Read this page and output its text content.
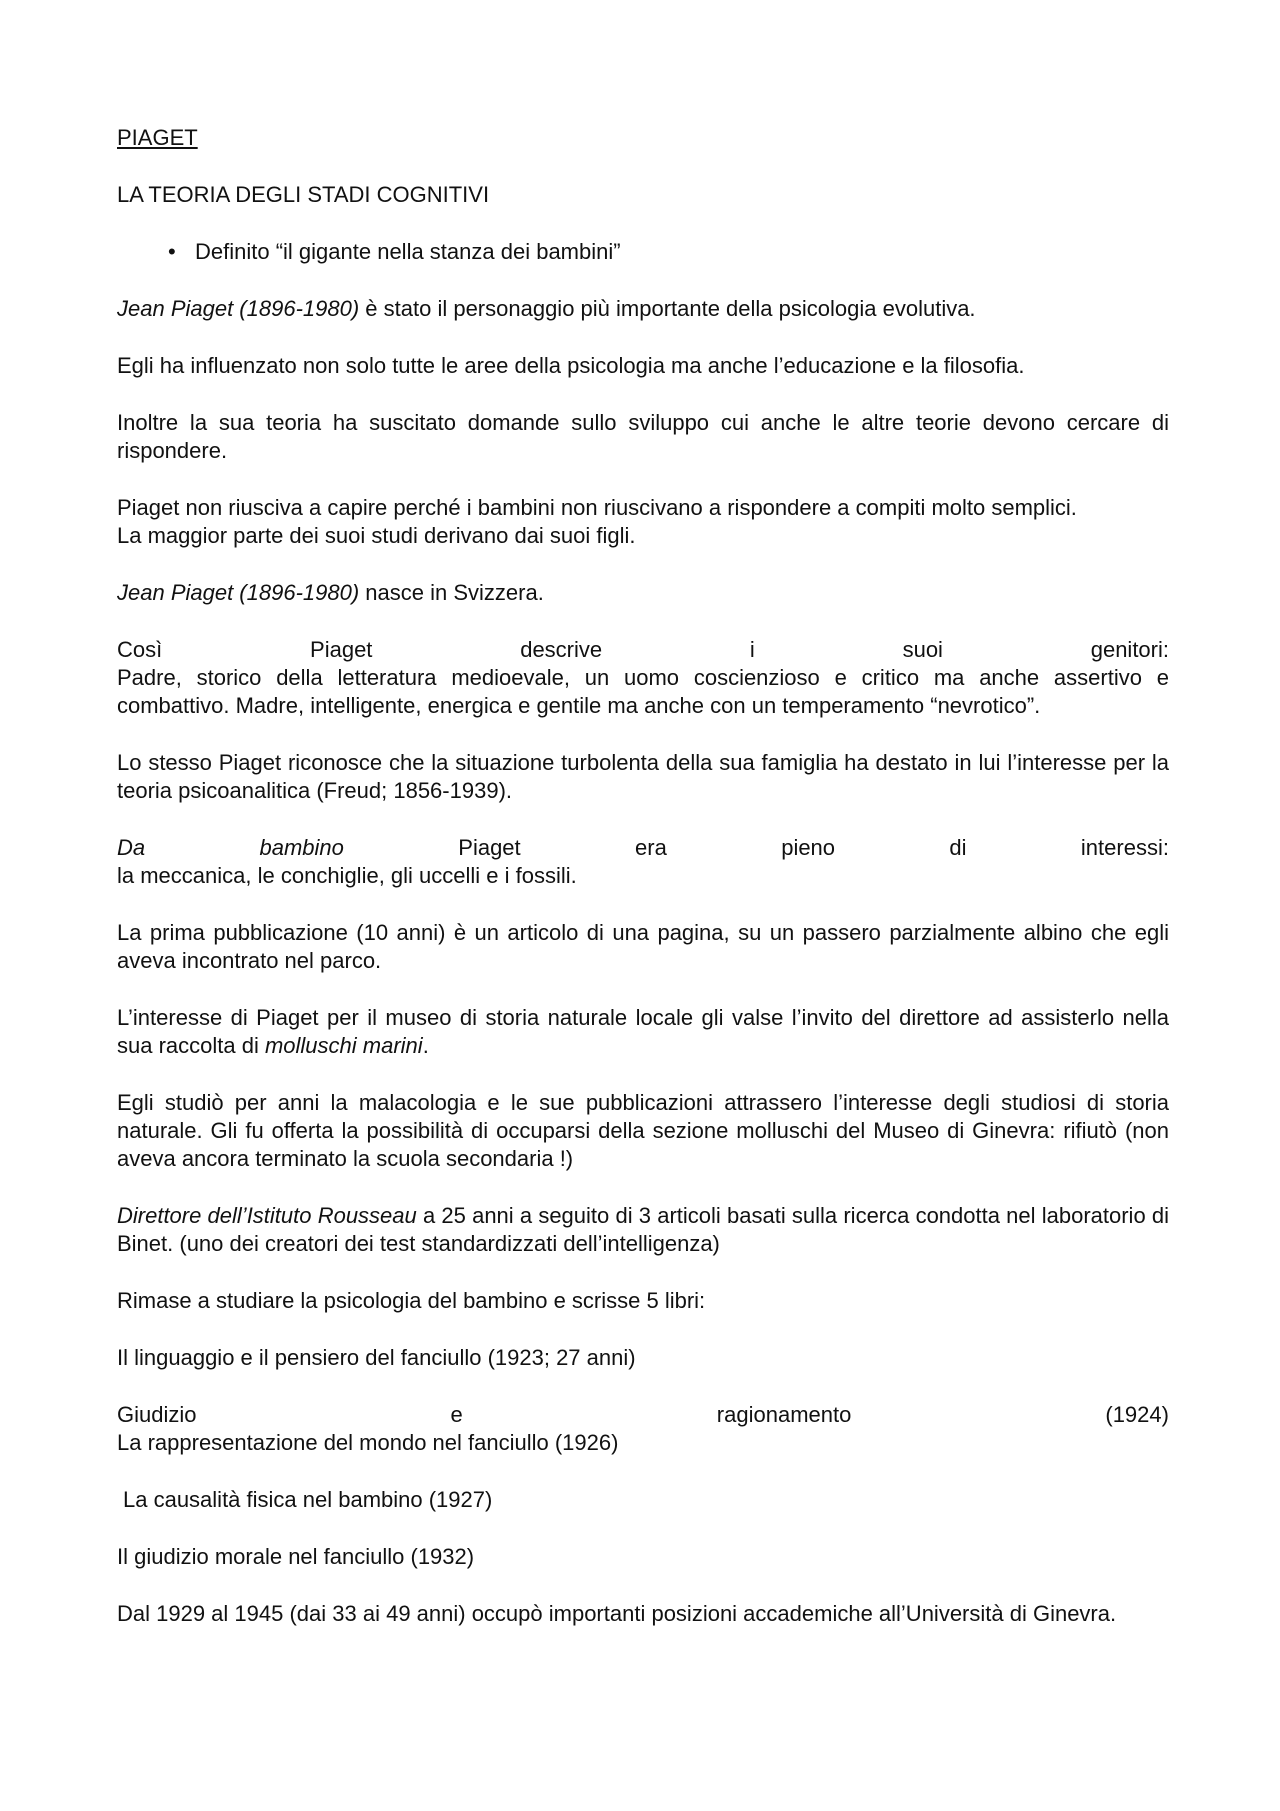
PIAGET

LA TEORIA DEGLI STADI COGNITIVI

• Definito “il gigante nella stanza dei bambini”

Jean Piaget (1896-1980) è stato il personaggio più importante della psicologia evolutiva.

Egli ha influenzato non solo tutte le aree della psicologia ma anche l’educazione e la filosofia.

Inoltre la sua teoria ha suscitato domande sullo sviluppo cui anche le altre teorie devono cercare di rispondere.

Piaget non riusciva a capire perché i bambini non riuscivano a rispondere a compiti molto semplici.
La maggior parte dei suoi studi derivano dai suoi figli.

Jean Piaget (1896-1980) nasce in Svizzera.

Così	Piaget	descrive	i	suoi	genitori:
Padre, storico della letteratura medioevale, un uomo coscienzioso e critico ma anche assertivo e combattivo. Madre, intelligente, energica e gentile ma anche con un temperamento “nevrotico”.

Lo stesso Piaget riconosce che la situazione turbolenta della sua famiglia ha destato in lui l’interesse per la teoria psicoanalitica (Freud; 1856-1939).

Da	bambino	Piaget	era	pieno	di	interessi:
la meccanica, le conchiglie, gli uccelli e i fossili.

La prima pubblicazione (10 anni) è un articolo di una pagina, su un passero parzialmente albino che egli aveva incontrato nel parco.

L’interesse di Piaget per il museo di storia naturale locale gli valse l’invito del direttore ad assisterlo nella sua raccolta di molluschi marini.

Egli studiò per anni la malacologia e le sue pubblicazioni attrassero l’interesse degli studiosi di storia naturale. Gli fu offerta la possibilità di occuparsi della sezione molluschi del Museo di Ginevra: rifiutò (non aveva ancora terminato la scuola secondaria !)

Direttore dell’Istituto Rousseau a 25 anni a seguito di 3 articoli basati sulla ricerca condotta nel laboratorio di Binet. (uno dei creatori dei test standardizzati dell’intelligenza)

Rimase a studiare la psicologia del bambino e scrisse 5 libri:

Il linguaggio e il pensiero del fanciullo (1923; 27 anni)

Giudizio	e	ragionamento	(1924)
La rappresentazione del mondo nel fanciullo (1926)

La causalità fisica nel bambino (1927)

Il giudizio morale nel fanciullo (1932)

Dal 1929 al 1945 (dai 33 ai 49 anni) occupò importanti posizioni accademiche all’Università di Ginevra.
